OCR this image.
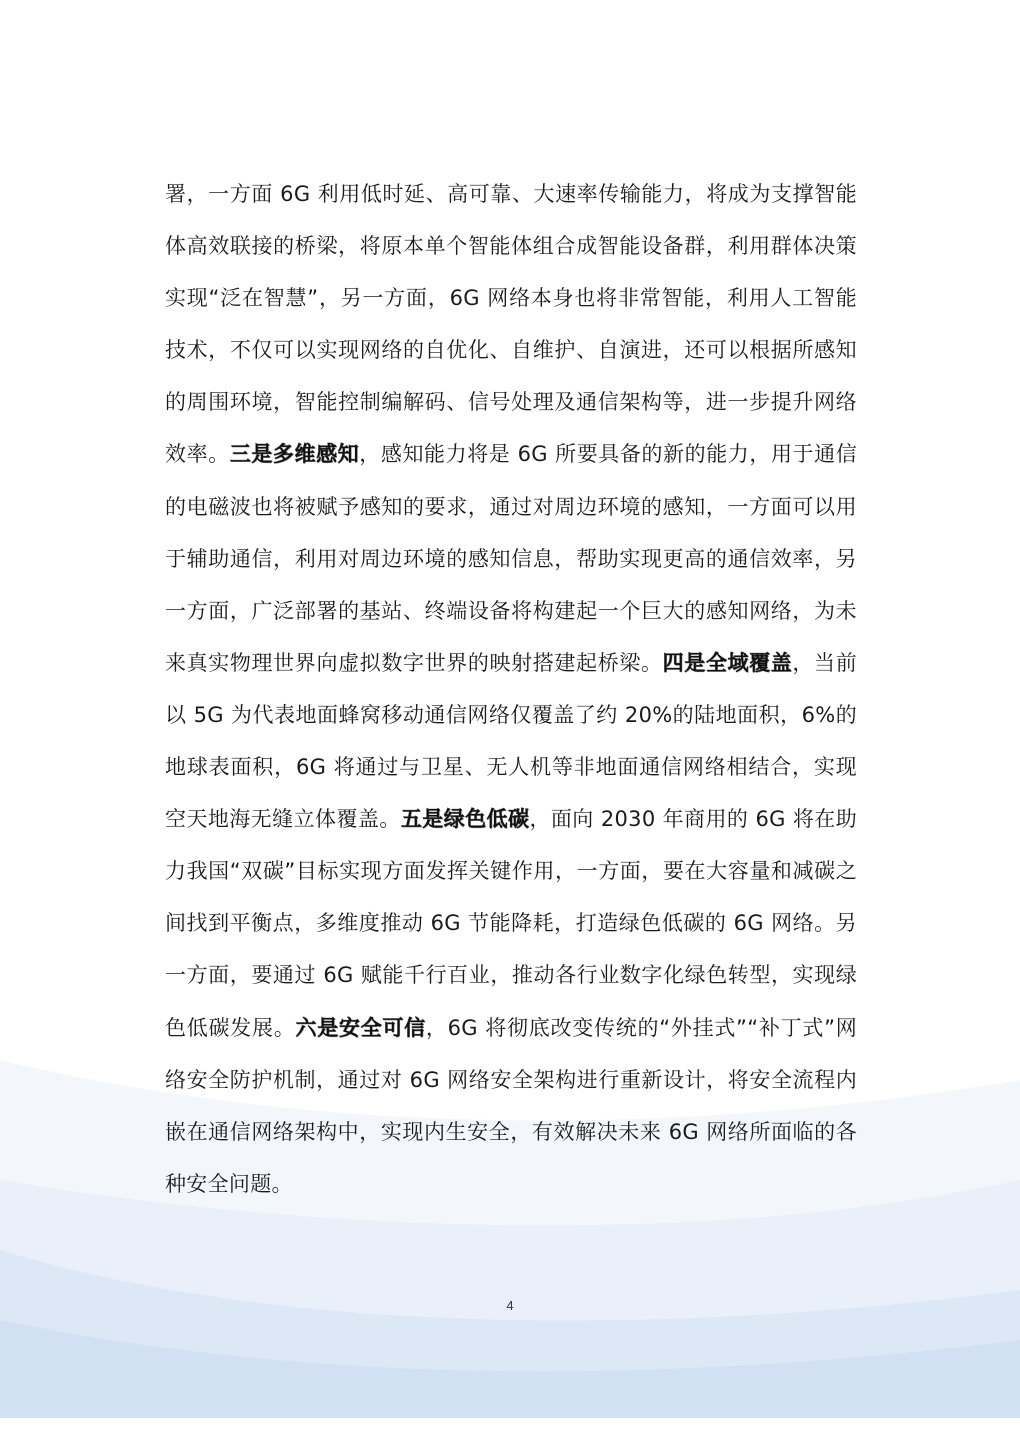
署，一方面 6G 利用低时延、高可靠、大速率传输能力，将成为支撑智能体高效联接的桥梁，将原本单个智能体组合成智能设备群，利用群体决策实现“泛在智慧”，另一方面，6G 网络本身也将非常智能，利用人工智能技术，不仅可以实现网络的自优化、自维护、自演进，还可以根据所感知的周围环境，智能控制编解码、信号处理及通信架构等，进一步提升网络效率。三是多维感知，感知能力将是 6G 所要具备的新的能力，用于通信的电磁波也将被赋予感知的要求，通过对周边环境的感知，一方面可以用于辅助通信，利用对周边环境的感知信息，帮助实现更高的通信效率，另一方面，广泛部署的基站、终端设备将构建起一个巨大的感知网络，为未来真实物理世界向虚拟数字世界的映射搭建起桥梁。四是全域覆盖，当前以 5G 为代表地面蜂窝移动通信网络仅覆盖了约 20%的陆地面积，6%的地球表面积，6G 将通过与卫星、无人机等非地面通信网络相结合，实现空天地海无缝立体覆盖。五是绿色低碳，面向 2030 年商用的 6G 将在助力我国“双碳”目标实现方面发挥关键作用，一方面，要在大容量和减碳之间找到平衡点，多维度推动 6G 节能降耗，打造绿色低碳的 6G 网络。另一方面，要通过 6G 赋能千行百业，推动各行业数字化绿色转型，实现绿色低碳发展。六是安全可信，6G 将彻底改变传统的“外挂式”“补丁式”网络安全防护机制，通过对 6G 网络安全架构进行重新设计，将安全流程内嵌在通信网络架构中，实现内生安全，有效解决未来 6G 网络所面临的各种安全问题。

4
